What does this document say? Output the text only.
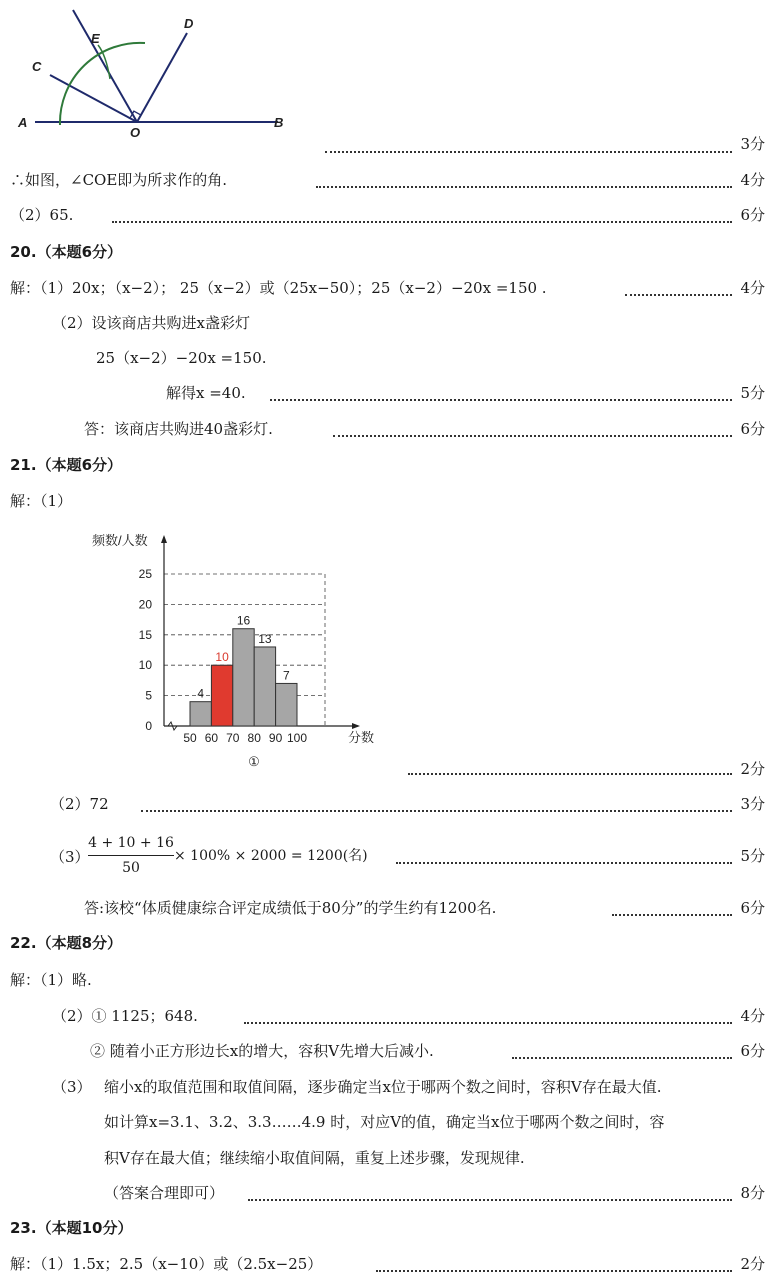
A	B
C
D
E
O
3分
∴如图，∠COE即为所求作的角.	4分
（2）65.	6分
20.（本题6分）
解：（1）20x；（x−2）； 25（x−2）或（25x−50）；25（x−2）−20x =150 .	4分
（2）设该商店共购进x盏彩灯
25（x−2）−20x =150.
解得x =40.	5分
答：该商店共购进40盏彩灯.	6分
21.（本题6分）
解：（1）
0
5
10
15
20
25
50 60 70 80 90 100
4
10
16
13
7
频数/人数
分数
①	2分
（2）72	3分
（3）
4 + 10 + 16
50
× 100% × 2000 = 1200(名)	5分
答:该校“体质健康综合评定成绩低于80分”的学生约有1200名.	6分
22.（本题8分）
解：（1）略.
（2）① 1125；648.	4分
② 随着小正方形边长x的增大，容积V先增大后减小.	6分
（3） 缩小x的取值范围和取值间隔，逐步确定当x位于哪两个数之间时，容积V存在最大值.
如计算x=3.1、3.2、3.3……4.9 时，对应V的值，确定当x位于哪两个数之间时，容
积V存在最大值；继续缩小取值间隔，重复上述步骤，发现规律.
（答案合理即可）	8分
23.（本题10分）
解：（1）1.5x；2.5（x−10）或（2.5x−25）	2分
